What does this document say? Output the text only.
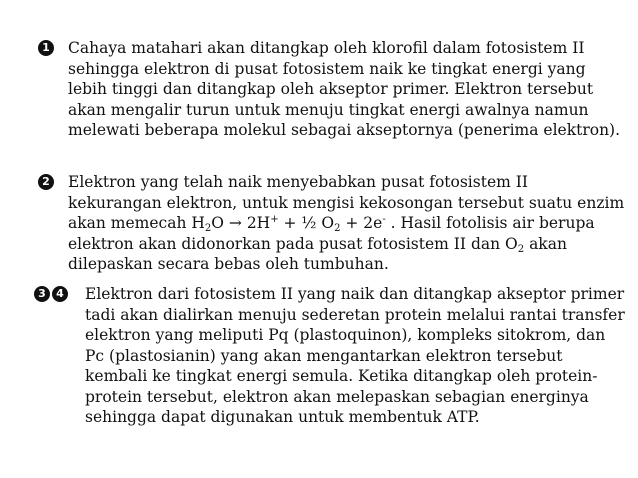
1 Cahaya matahari akan ditangkap oleh klorofil dalam fotosistem II sehingga elektron di pusat fotosistem naik ke tingkat energi yang lebih tinggi dan ditangkap oleh akseptor primer. Elektron tersebut akan mengalir turun untuk menuju tingkat energi awalnya namun melewati beberapa molekul sebagai akseptornya (penerima elektron).

2 Elektron yang telah naik menyebabkan pusat fotosistem II kekurangan elektron, untuk mengisi kekosongan tersebut suatu enzim akan memecah $H_2O \to 2H^+$ + ½ $O_2 + 2e^-$ . Hasil fotolisis air berupa elektron akan didonorkan pada pusat fotosistem II dan $O_2$ akan dilepaskan secara bebas oleh tumbuhan.

3 4 Elektron dari fotosistem II yang naik dan ditangkap akseptor primer tadi akan dialirkan menuju sederetan protein melalui rantai transfer elektron yang meliputi Pq (plastoquinon), kompleks sitokrom, dan Pc (plastosianin) yang akan mengantarkan elektron tersebut kembali ke tingkat energi semula. Ketika ditangkap oleh protein-protein tersebut, elektron akan melepaskan sebagian energinya sehingga dapat digunakan untuk membentuk ATP.
